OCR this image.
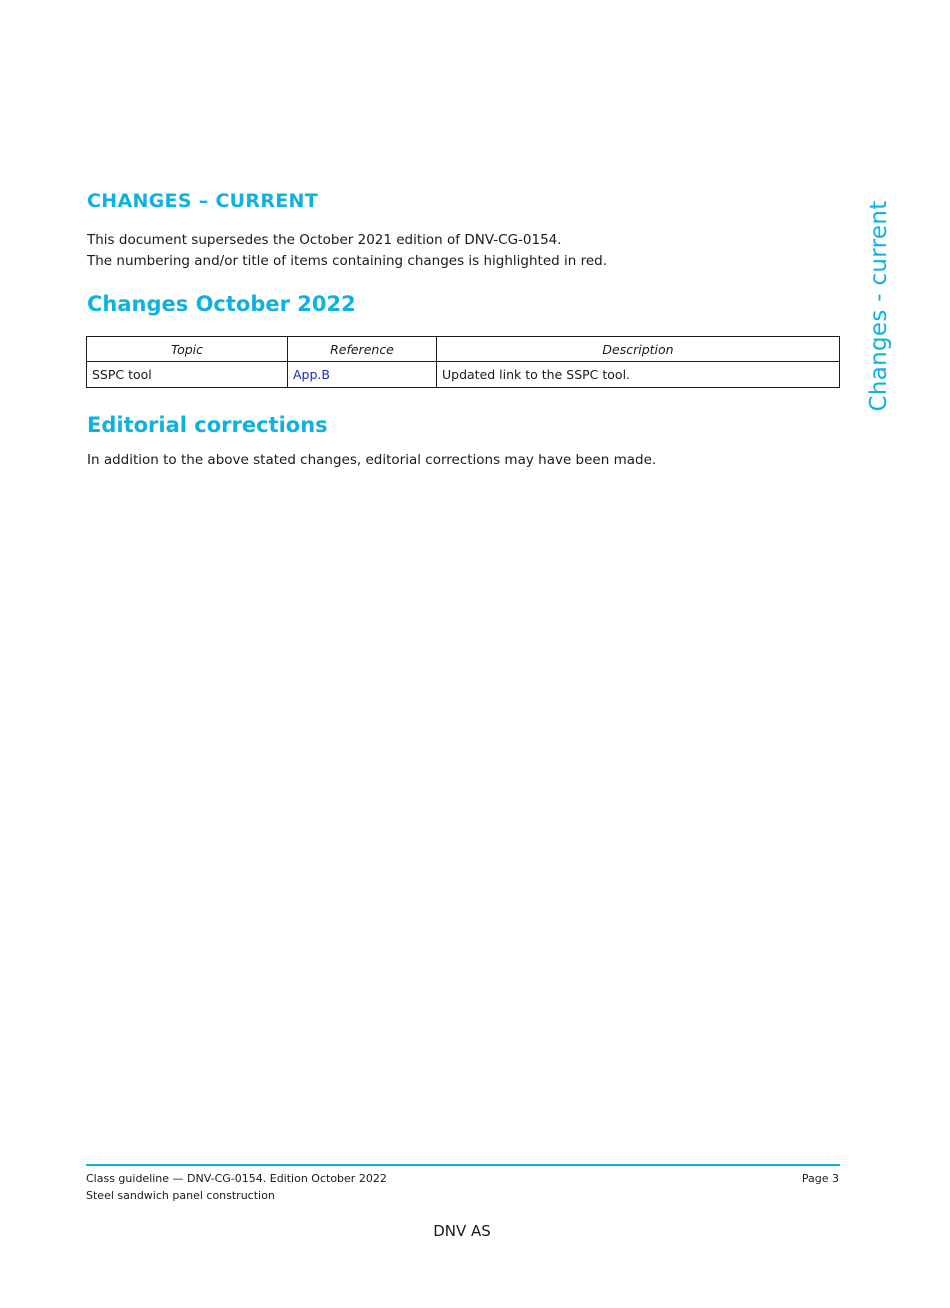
CHANGES – CURRENT

This document supersedes the October 2021 edition of DNV-CG-0154.

The numbering and/or title of items containing changes is highlighted in red.

Changes October 2022
Topic	Reference	Description
SSPC tool	App.B	Updated link to the SSPC tool.
Editorial corrections

In addition to the above stated changes, editorial corrections may have been made.

Changes - current
Class guideline — DNV-CG-0154. Edition October 2022
Steel sandwich panel construction
Page 3
DNV AS
